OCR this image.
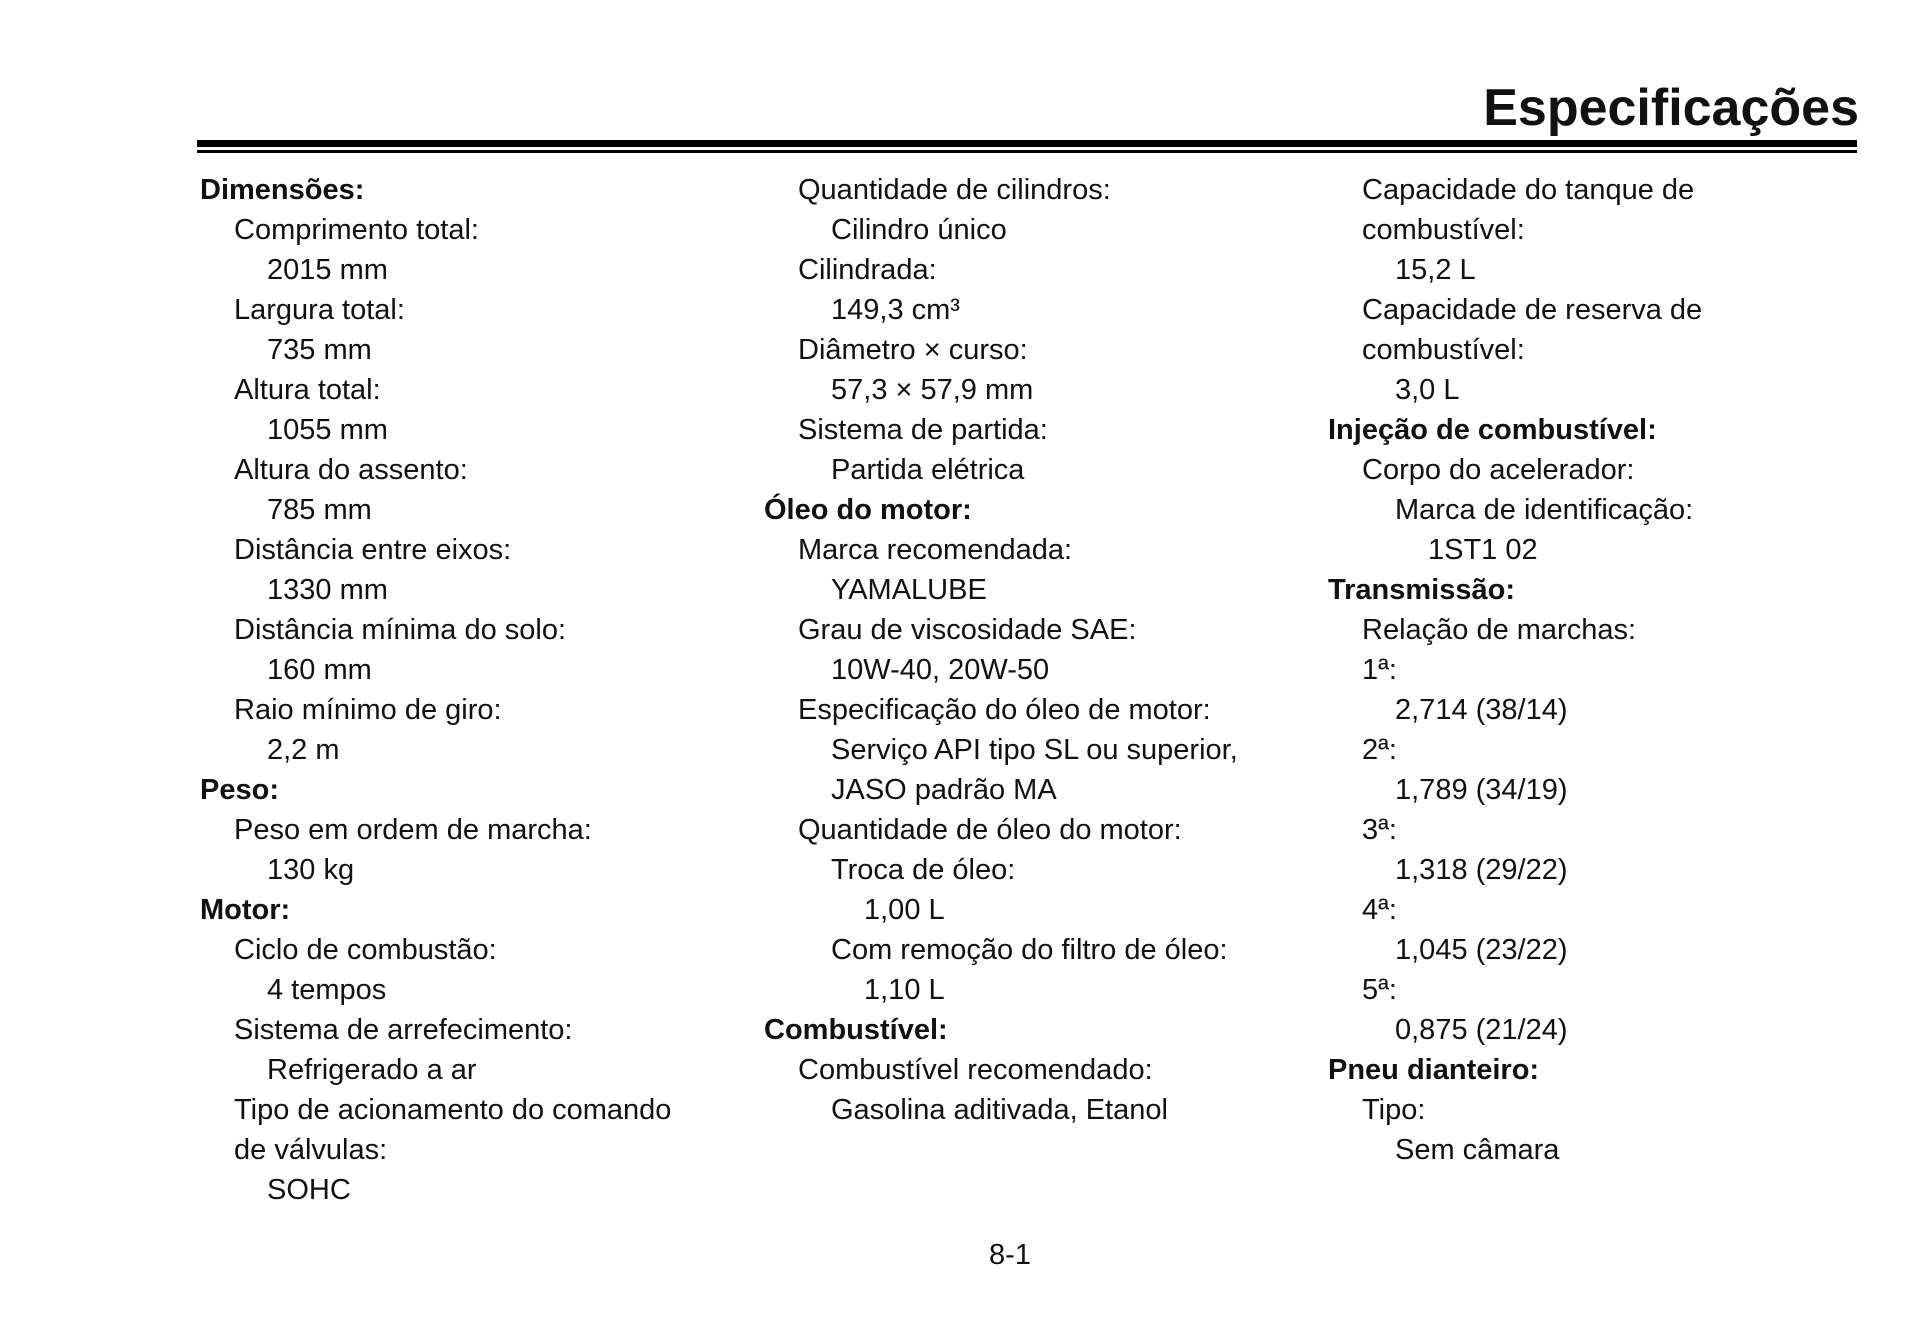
Especificações
Dimensões:
Comprimento total:
2015 mm
Largura total:
735 mm
Altura total:
1055 mm
Altura do assento:
785 mm
Distância entre eixos:
1330 mm
Distância mínima do solo:
160 mm
Raio mínimo de giro:
2,2 m
Peso:
Peso em ordem de marcha:
130 kg
Motor:
Ciclo de combustão:
4 tempos
Sistema de arrefecimento:
Refrigerado a ar
Tipo de acionamento do comando
de válvulas:
SOHC
Quantidade de cilindros:
Cilindro único
Cilindrada:
149,3 cm³
Diâmetro × curso:
57,3 × 57,9 mm
Sistema de partida:
Partida elétrica
Óleo do motor:
Marca recomendada:
YAMALUBE
Grau de viscosidade SAE:
10W-40, 20W-50
Especificação do óleo de motor:
Serviço API tipo SL ou superior,
JASO padrão MA
Quantidade de óleo do motor:
Troca de óleo:
1,00 L
Com remoção do filtro de óleo:
1,10 L
Combustível:
Combustível recomendado:
Gasolina aditivada, Etanol
Capacidade do tanque de
combustível:
15,2 L
Capacidade de reserva de
combustível:
3,0 L
Injeção de combustível:
Corpo do acelerador:
Marca de identificação:
1ST1 02
Transmissão:
Relação de marchas:
1ª:
2,714 (38/14)
2ª:
1,789 (34/19)
3ª:
1,318 (29/22)
4ª:
1,045 (23/22)
5ª:
0,875 (21/24)
Pneu dianteiro:
Tipo:
Sem câmara
8-1
